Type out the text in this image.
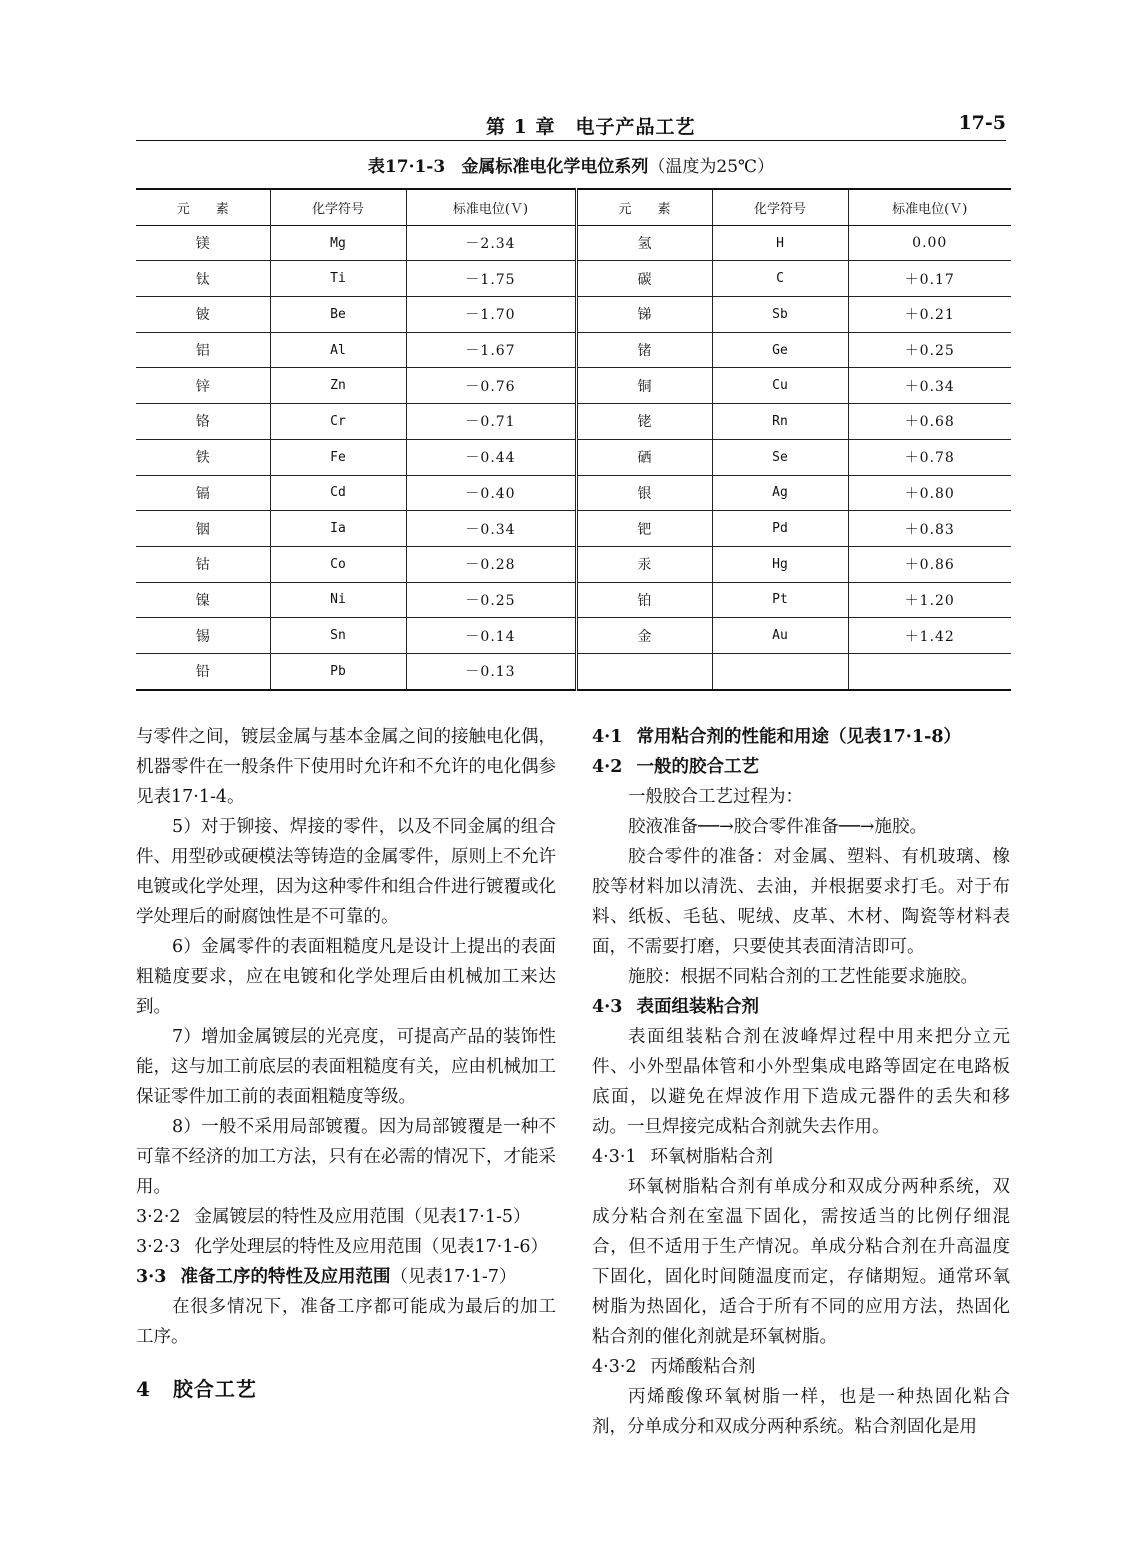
第 1 章　电子产品工艺	17-5
表17·1-3 金属标准电化学电位系列（温度为25℃）
元　　素	化学符号	标准电位(Ｖ)	元　　素	化学符号	标准电位(Ｖ)
镁	Mg	－2.34	氢	H	0.00
钛	Ti	－1.75	碳	C	＋0.17
铍	Be	－1.70	锑	Sb	＋0.21
铝	Al	－1.67	锗	Ge	＋0.25
锌	Zn	－0.76	铜	Cu	＋0.34
铬	Cr	－0.71	铑	Rn	＋0.68
铁	Fe	－0.44	硒	Se	＋0.78
镉	Cd	－0.40	银	Ag	＋0.80
铟	Ia	－0.34	钯	Pd	＋0.83
钴	Co	－0.28	汞	Hg	＋0.86
镍	Ni	－0.25	铂	Pt	＋1.20
锡	Sn	－0.14	金	Au	＋1.42
铅	Pb	－0.13			

与零件之间，镀层金属与基本金属之间的接触电化偶，机器零件在一般条件下使用时允许和不允许的电化偶参见表17·1-4。

5）对于铆接、焊接的零件，以及不同金属的组合件、用型砂或硬模法等铸造的金属零件，原则上不允许电镀或化学处理，因为这种零件和组合件进行镀覆或化学处理后的耐腐蚀性是不可靠的。

6）金属零件的表面粗糙度凡是设计上提出的表面粗糙度要求，应在电镀和化学处理后由机械加工来达到。

7）增加金属镀层的光亮度，可提高产品的装饰性能，这与加工前底层的表面粗糙度有关，应由机械加工保证零件加工前的表面粗糙度等级。

8）一般不采用局部镀覆。因为局部镀覆是一种不可靠不经济的加工方法，只有在必需的情况下，才能采用。

3·2·2 金属镀层的特性及应用范围（见表17·1-5）

3·2·3 化学处理层的特性及应用范围（见表17·1-6）

3·3 准备工序的特性及应用范围（见表17·1-7）

在很多情况下，准备工序都可能成为最后的加工工序。

4 胶合工艺

4·1 常用粘合剂的性能和用途（见表17·1-8）

4·2 一般的胶合工艺

一般胶合工艺过程为：

胶液准备──→胶合零件准备──→施胶。

胶合零件的准备：对金属、塑料、有机玻璃、橡胶等材料加以清洗、去油，并根据要求打毛。对于布料、纸板、毛毡、呢绒、皮革、木材、陶瓷等材料表面，不需要打磨，只要使其表面清洁即可。

施胶：根据不同粘合剂的工艺性能要求施胶。

4·3 表面组装粘合剂

表面组装粘合剂在波峰焊过程中用来把分立元件、小外型晶体管和小外型集成电路等固定在电路板底面，以避免在焊波作用下造成元器件的丢失和移动。一旦焊接完成粘合剂就失去作用。

4·3·1 环氧树脂粘合剂

环氧树脂粘合剂有单成分和双成分两种系统，双成分粘合剂在室温下固化，需按适当的比例仔细混合，但不适用于生产情况。单成分粘合剂在升高温度下固化，固化时间随温度而定，存储期短。通常环氧树脂为热固化，适合于所有不同的应用方法，热固化粘合剂的催化剂就是环氧树脂。

4·3·2 丙烯酸粘合剂

丙烯酸像环氧树脂一样，也是一种热固化粘合剂，分单成分和双成分两种系统。粘合剂固化是用
